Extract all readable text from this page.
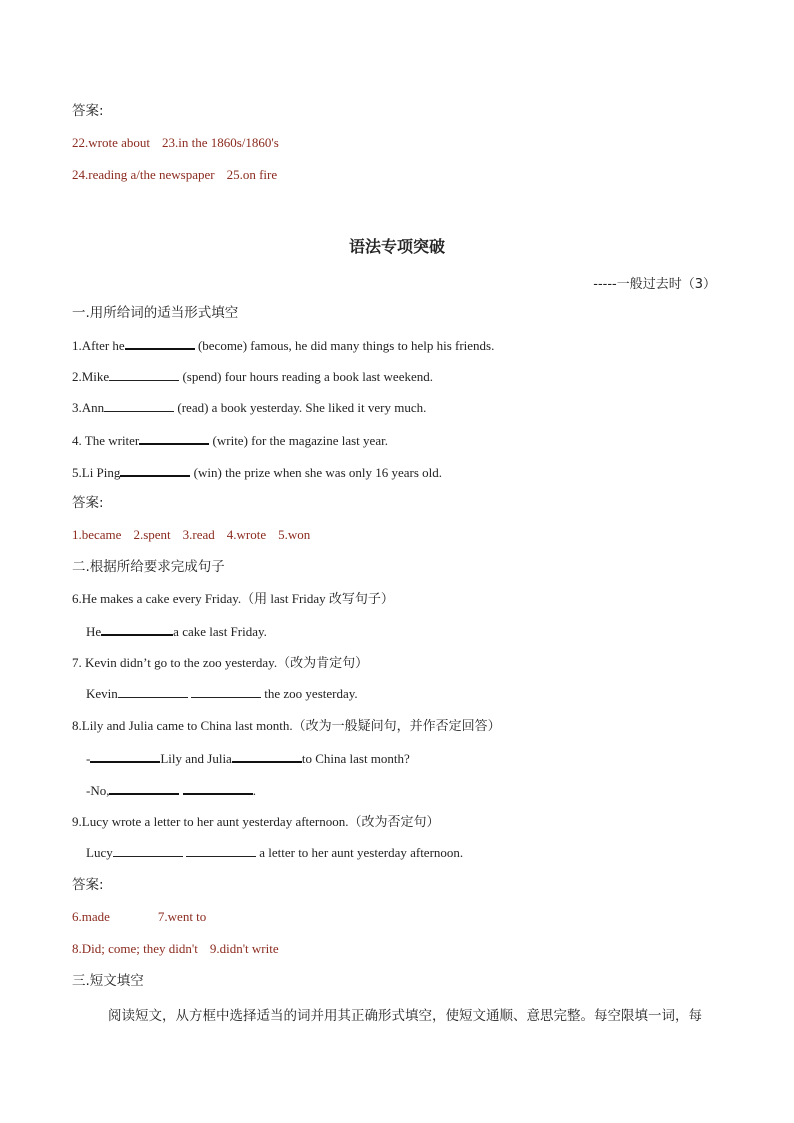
答案:
22.wrote about 23.in the 1860s/1860's
24.reading a/the newspaper 25.on fire
语法专项突破
-----一般过去时（3）
一.用所给词的适当形式填空
1.After he	(become) famous, he did many things to help his friends.
2.Mike	(spend) four hours reading a book last weekend.
3.Ann	(read) a book yesterday. She liked it very much.
4. The writer	(write) for the magazine last year.
5.Li Ping	(win) the prize when she was only 16 years old.
答案:
1.became 2.spent 3.read 4.wrote 5.won
二.根据所给要求完成句子
6.He makes a cake every Friday.（用 last Friday 改写句子）
He	a cake last Friday.
7. Kevin didn’t go to the zoo yesterday.（改为肯定句）
Kevin	the zoo yesterday.
8.Lily and Julia came to China last month.（改为一般疑问句，并作否定回答）
-	Lily and Julia	to China last month?
-No,	.
9.Lucy wrote a letter to her aunt yesterday afternoon.（改为否定句）
Lucy	a letter to her aunt yesterday afternoon.
答案:
6.made	7.went to
8.Did; come; they didn't 9.didn't write
三.短文填空
阅读短文，从方框中选择适当的词并用其正确形式填空，使短文通顺、意思完整。每空限填一词，每
